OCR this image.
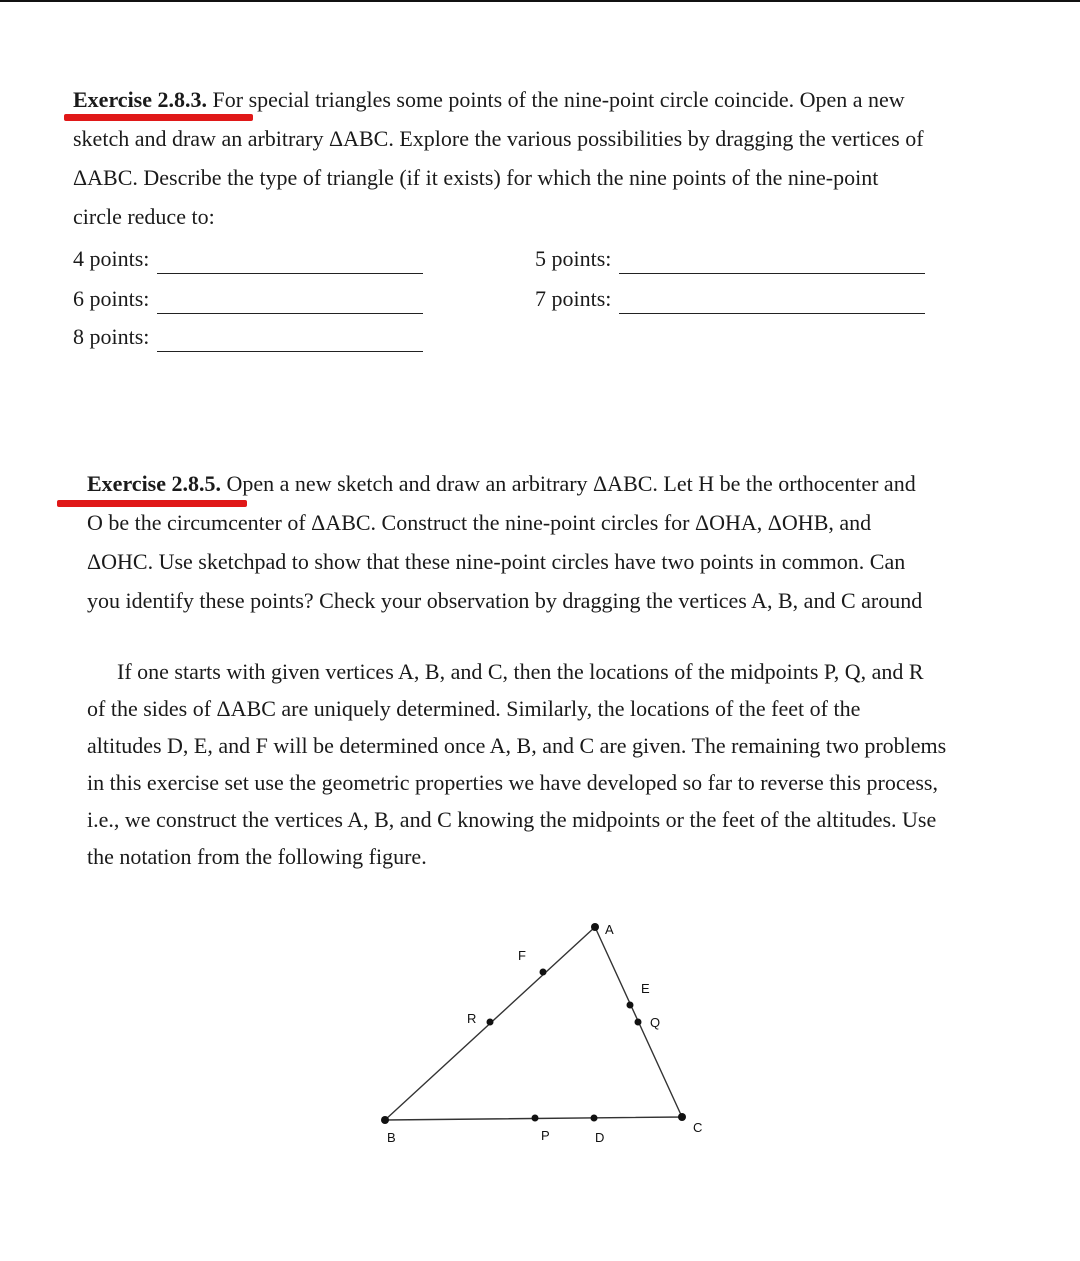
Exercise 2.8.3. For special triangles some points of the nine-point circle coincide. Open a new
sketch and draw an arbitrary ΔABC. Explore the various possibilities by dragging the vertices of
ΔABC. Describe the type of triangle (if it exists) for which the nine points of the nine-point
circle reduce to:
4 points:	5 points:
6 points:	7 points:
8 points:
Exercise 2.8.5. Open a new sketch and draw an arbitrary ΔABC. Let H be the orthocenter and
O be the circumcenter of ΔABC. Construct the nine-point circles for ΔOHA, ΔOHB, and
ΔOHC. Use sketchpad to show that these nine-point circles have two points in common. Can
you identify these points? Check your observation by dragging the vertices A, B, and C around
If one starts with given vertices A, B, and C, then the locations of the midpoints P, Q, and R
of the sides of ΔABC are uniquely determined. Similarly, the locations of the feet of the
altitudes D, E, and F will be determined once A, B, and C are given. The remaining two problems
in this exercise set use the geometric properties we have developed so far to reverse this process,
i.e., we construct the vertices A, B, and C knowing the midpoints or the feet of the altitudes. Use
the notation from the following figure.
A
B
C
F
R
E
Q
P	D
